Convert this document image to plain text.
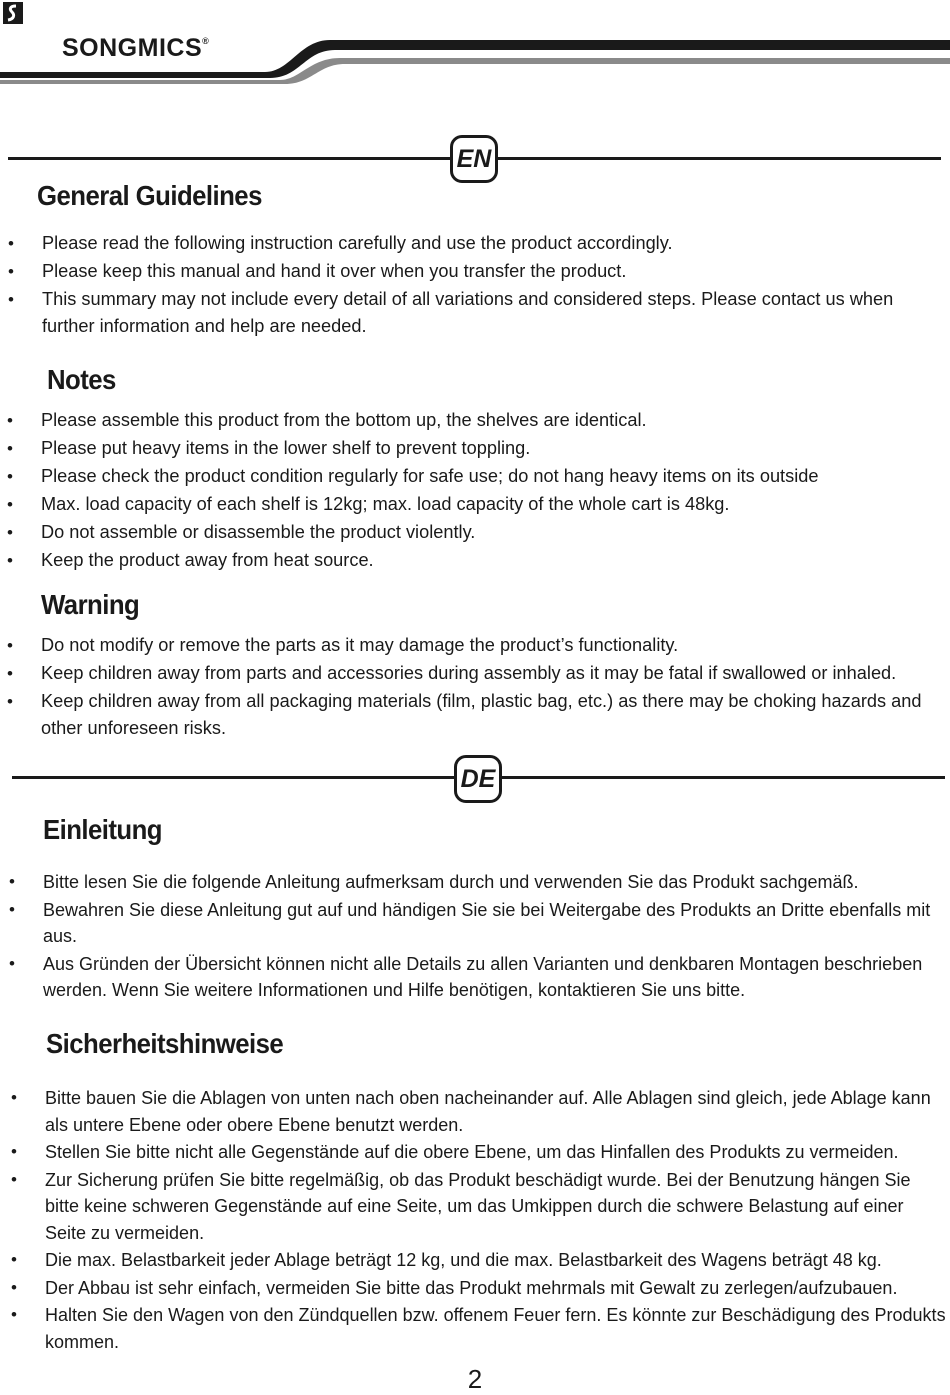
SONGMICS®
EN
General Guidelines
• Please read the following instruction carefully and use the product accordingly.
• Please keep this manual and hand it over when you transfer the product.
• This summary may not include every detail of all variations and considered steps. Please contact us when further information and help are needed.
Notes
• Please assemble this product from the bottom up, the shelves are identical.
• Please put heavy items in the lower shelf to prevent toppling.
• Please check the product condition regularly for safe use; do not hang heavy items on its outside
• Max. load capacity of each shelf is 12kg; max. load capacity of the whole cart is 48kg.
• Do not assemble or disassemble the product violently.
• Keep the product away from heat source.
Warning
• Do not modify or remove the parts as it may damage the product’s functionality.
• Keep children away from parts and accessories during assembly as it may be fatal if swallowed or inhaled.
• Keep children away from all packaging materials (film, plastic bag, etc.) as there may be choking hazards and other unforeseen risks.
DE
Einleitung
• Bitte lesen Sie die folgende Anleitung aufmerksam durch und verwenden Sie das Produkt sachgemäß.
• Bewahren Sie diese Anleitung gut auf und händigen Sie sie bei Weitergabe des Produkts an Dritte ebenfalls mit aus.
• Aus Gründen der Übersicht können nicht alle Details zu allen Varianten und denkbaren Montagen beschrieben werden. Wenn Sie weitere Informationen und Hilfe benötigen, kontaktieren Sie uns bitte.
Sicherheitshinweise
• Bitte bauen Sie die Ablagen von unten nach oben nacheinander auf. Alle Ablagen sind gleich, jede Ablage kann als untere Ebene oder obere Ebene benutzt werden.
• Stellen Sie bitte nicht alle Gegenstände auf die obere Ebene, um das Hinfallen des Produkts zu vermeiden.
• Zur Sicherung prüfen Sie bitte regelmäßig, ob das Produkt beschädigt wurde. Bei der Benutzung hängen Sie bitte keine schweren Gegenstände auf eine Seite, um das Umkippen durch die schwere Belastung auf einer Seite zu vermeiden.
• Die max. Belastbarkeit jeder Ablage beträgt 12 kg, und die max. Belastbarkeit des Wagens beträgt 48 kg.
• Der Abbau ist sehr einfach, vermeiden Sie bitte das Produkt mehrmals mit Gewalt zu zerlegen/aufzubauen.
• Halten Sie den Wagen von den Zündquellen bzw. offenem Feuer fern. Es könnte zur Beschädigung des Produkts kommen.
2
